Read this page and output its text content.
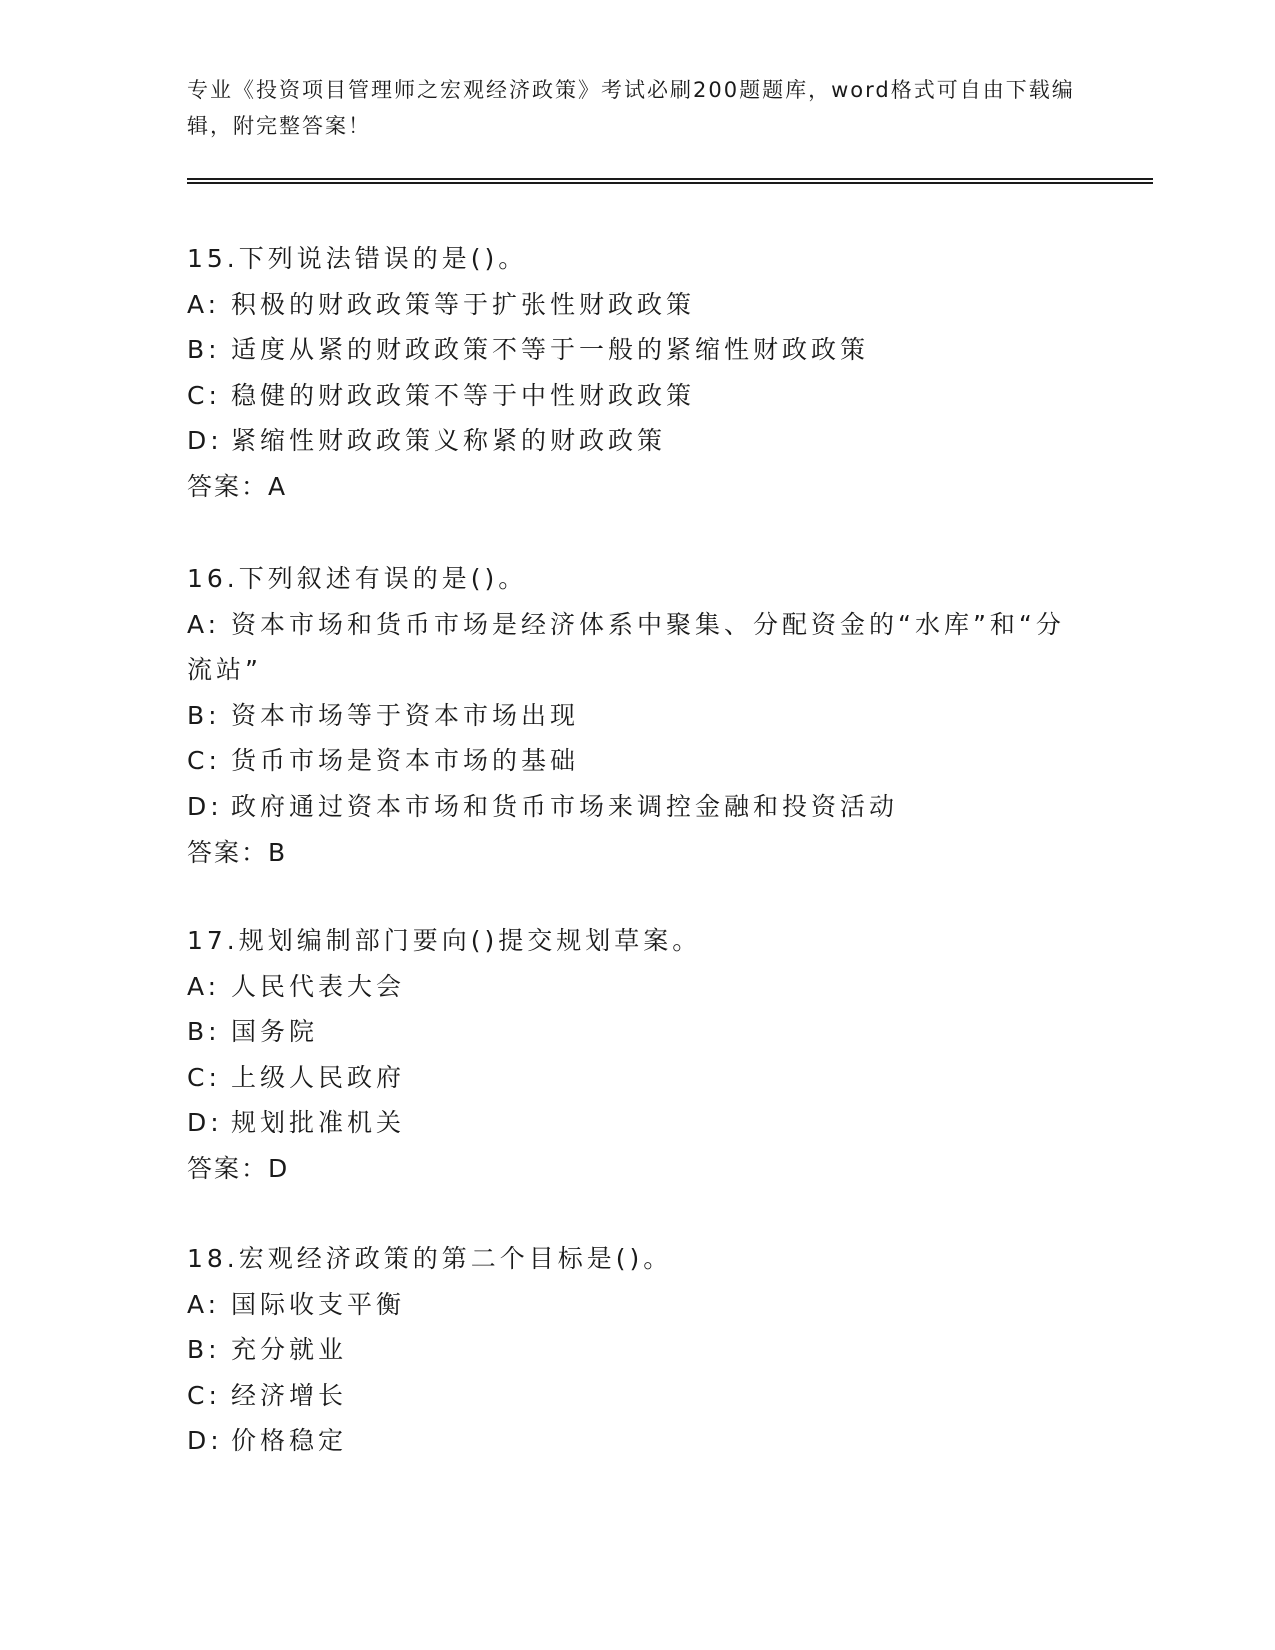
专业《投资项目管理师之宏观经济政策》考试必刷200题题库，word格式可自由下载编辑，附完整答案！
15.下列说法错误的是()。
A: 积极的财政政策等于扩张性财政政策
B: 适度从紧的财政政策不等于一般的紧缩性财政政策
C: 稳健的财政政策不等于中性财政政策
D: 紧缩性财政政策义称紧的财政政策
答案：A
16.下列叙述有误的是()。
A: 资本市场和货币市场是经济体系中聚集、分配资金的“水库”和“分流站”
B: 资本市场等于资本市场出现
C: 货币市场是资本市场的基础
D: 政府通过资本市场和货币市场来调控金融和投资活动
答案：B
17.规划编制部门要向()提交规划草案。
A: 人民代表大会
B: 国务院
C: 上级人民政府
D: 规划批准机关
答案：D
18.宏观经济政策的第二个目标是()。
A: 国际收支平衡
B: 充分就业
C: 经济增长
D: 价格稳定
